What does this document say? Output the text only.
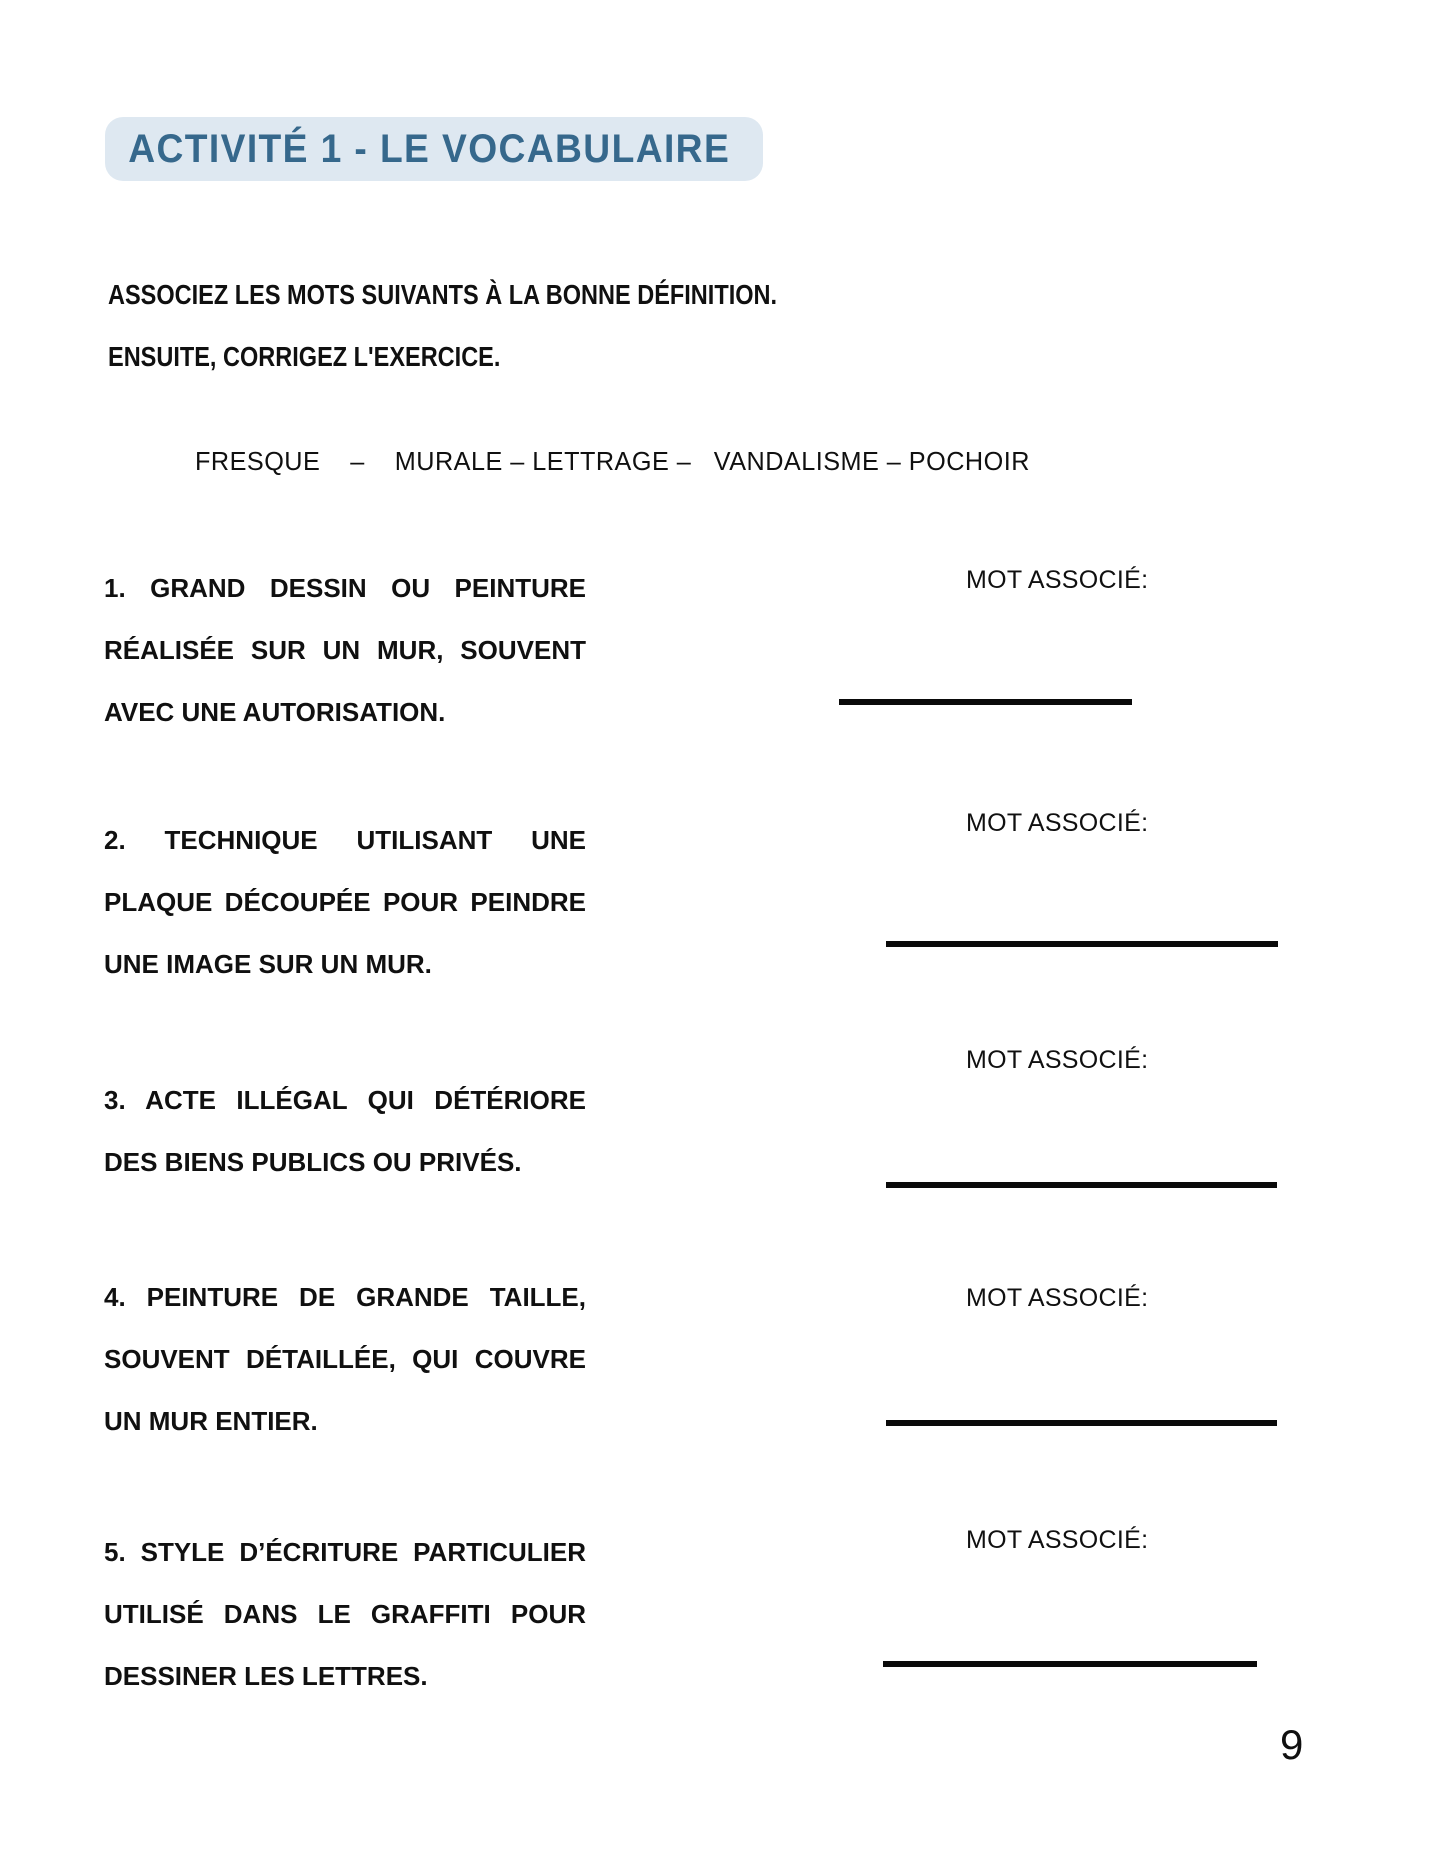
ACTIVITÉ 1 - LE VOCABULAIRE
ASSOCIEZ LES MOTS SUIVANTS À LA BONNE DÉFINITION.
ENSUITE, CORRIGEZ L'EXERCICE.
FRESQUE    –    MURALE – LETTRAGE –   VANDALISME – POCHOIR
1. GRAND DESSIN OU PEINTURE
RÉALISÉE SUR UN MUR, SOUVENT
AVEC UNE AUTORISATION.
MOT ASSOCIÉ:
2. TECHNIQUE UTILISANT UNE
PLAQUE DÉCOUPÉE POUR PEINDRE
UNE IMAGE SUR UN MUR.
MOT ASSOCIÉ:
3. ACTE ILLÉGAL QUI DÉTÉRIORE
DES BIENS PUBLICS OU PRIVÉS.
MOT ASSOCIÉ:
4. PEINTURE DE GRANDE TAILLE,
SOUVENT DÉTAILLÉE, QUI COUVRE
UN MUR ENTIER.
MOT ASSOCIÉ:
5. STYLE D’ÉCRITURE PARTICULIER
UTILISÉ DANS LE GRAFFITI POUR
DESSINER LES LETTRES.
MOT ASSOCIÉ:
9
